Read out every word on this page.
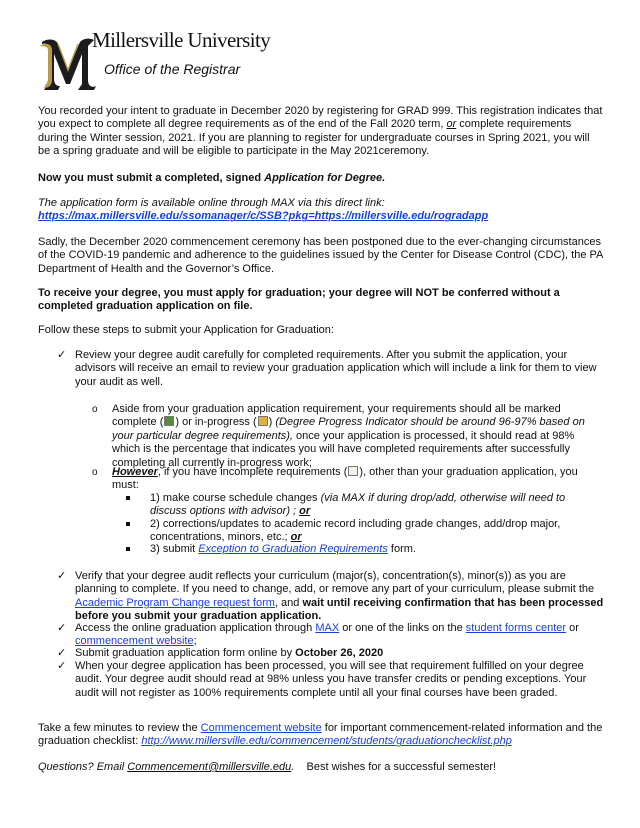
Millersville University
Office of the Registrar

You recorded your intent to graduate in December 2020 by registering for GRAD 999. This registration indicates that you expect to complete all degree requirements as of the end of the Fall 2020 term, or complete requirements during the Winter session, 2021. If you are planning to register for undergraduate courses in Spring 2021, you will be a spring graduate and will be eligible to participate in the May 2021ceremony.

Now you must submit a completed, signed Application for Degree.

The application form is available online through MAX via this direct link:
https://max.millersville.edu/ssomanager/c/SSB?pkg=https://millersville.edu/rogradapp

Sadly, the December 2020 commencement ceremony has been postponed due to the ever-changing circumstances of the COVID-19 pandemic and adherence to the guidelines issued by the Center for Disease Control (CDC), the PA Department of Health and the Governor’s Office.

To receive your degree, you must apply for graduation; your degree will NOT be conferred without a completed graduation application on file.

Follow these steps to submit your Application for Graduation:

✓ Review your degree audit carefully for completed requirements. After you submit the application, your advisors will receive an email to review your graduation application which will include a link for them to view your audit as well.
o Aside from your graduation application requirement, your requirements should all be marked complete ( ) or in-progress ( ) (Degree Progress Indicator should be around 96-97% based on your particular degree requirements), once your application is processed, it should read at 98% which is the percentage that indicates you will have completed requirements after successfully completing all currently in-progress work;
o However, if you have incomplete requirements ( ), other than your graduation application, you must:
1) make course schedule changes (via MAX if during drop/add, otherwise will need to discuss options with advisor) ; or
2) corrections/updates to academic record including grade changes, add/drop major, concentrations, minors, etc.; or
3) submit Exception to Graduation Requirements form.
✓ Verify that your degree audit reflects your curriculum (major(s), concentration(s), minor(s)) as you are planning to complete. If you need to change, add, or remove any part of your curriculum, please submit the Academic Program Change request form, and wait until receiving confirmation that has been processed before you submit your graduation application.
✓ Access the online graduation application through MAX or one of the links on the student forms center or commencement website;
✓ Submit graduation application form online by October 26, 2020
✓ When your degree application has been processed, you will see that requirement fulfilled on your degree audit. Your degree audit should read at 98% unless you have transfer credits or pending exceptions. Your audit will not register as 100% requirements complete until all your final courses have been graded.

Take a few minutes to review the Commencement website for important commencement-related information and the graduation checklist: http://www.millersville.edu/commencement/students/graduationchecklist.php

Questions? Email Commencement@millersville.edu.    Best wishes for a successful semester!
